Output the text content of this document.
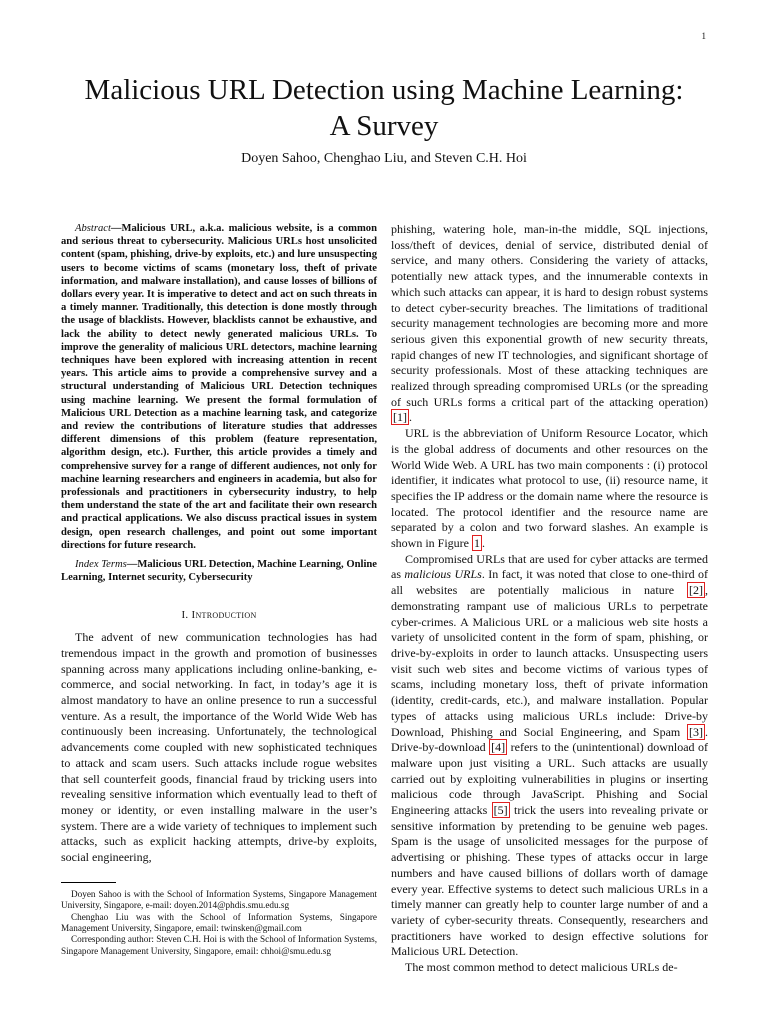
1
Malicious URL Detection using Machine Learning:
A Survey
Doyen Sahoo, Chenghao Liu, and Steven C.H. Hoi

Abstract—Malicious URL, a.k.a. malicious website, is a common and serious threat to cybersecurity. Malicious URLs host unsolicited content (spam, phishing, drive-by exploits, etc.) and lure unsuspecting users to become victims of scams (monetary loss, theft of private information, and malware installation), and cause losses of billions of dollars every year. It is imperative to detect and act on such threats in a timely manner. Traditionally, this detection is done mostly through the usage of blacklists. However, blacklists cannot be exhaustive, and lack the ability to detect newly generated malicious URLs. To improve the generality of malicious URL detectors, machine learning techniques have been explored with increasing attention in recent years. This article aims to provide a comprehensive survey and a structural understanding of Malicious URL Detection techniques using machine learning. We present the formal formulation of Malicious URL Detection as a machine learning task, and categorize and review the contributions of literature studies that addresses different dimensions of this problem (feature representation, algorithm design, etc.). Further, this article provides a timely and comprehensive survey for a range of different audiences, not only for machine learning researchers and engineers in academia, but also for professionals and practitioners in cybersecurity industry, to help them understand the state of the art and facilitate their own research and practical applications. We also discuss practical issues in system design, open research challenges, and point out some important directions for future research.

Index Terms—Malicious URL Detection, Machine Learning, Online Learning, Internet security, Cybersecurity

I. Introduction

The advent of new communication technologies has had tremendous impact in the growth and promotion of businesses spanning across many applications including online-banking, e-commerce, and social networking. In fact, in today’s age it is almost mandatory to have an online presence to run a successful venture. As a result, the importance of the World Wide Web has continuously been increasing. Unfortunately, the technological advancements come coupled with new sophisticated techniques to attack and scam users. Such attacks include rogue websites that sell counterfeit goods, financial fraud by tricking users into revealing sensitive information which eventually lead to theft of money or identity, or even installing malware in the user’s system. There are a wide variety of techniques to implement such attacks, such as explicit hacking attempts, drive-by exploits, social engineering,

Doyen Sahoo is with the School of Information Systems, Singapore Management University, Singapore, e-mail: doyen.2014@phdis.smu.edu.sg

Chenghao Liu was with the School of Information Systems, Singapore Management University, Singapore, email: twinsken@gmail.com

Corresponding author: Steven C.H. Hoi is with the School of Information Systems, Singapore Management University, Singapore, email: chhoi@smu.edu.sg

phishing, watering hole, man-in-the middle, SQL injections, loss/theft of devices, denial of service, distributed denial of service, and many others. Considering the variety of attacks, potentially new attack types, and the innumerable contexts in which such attacks can appear, it is hard to design robust systems to detect cyber-security breaches. The limitations of traditional security management technologies are becoming more and more serious given this exponential growth of new security threats, rapid changes of new IT technologies, and significant shortage of security professionals. Most of these attacking techniques are realized through spreading compromised URLs (or the spreading of such URLs forms a critical part of the attacking operation) [1] .

URL is the abbreviation of Uniform Resource Locator, which is the global address of documents and other resources on the World Wide Web. A URL has two main components : (i) protocol identifier, it indicates what protocol to use, (ii) resource name, it specifies the IP address or the domain name where the resource is located. The protocol identifier and the resource name are separated by a colon and two forward slashes. An example is shown in Figure 1 .

Compromised URLs that are used for cyber attacks are termed as malicious URLs. In fact, it was noted that close to one-third of all websites are potentially malicious in nature [2] , demonstrating rampant use of malicious URLs to perpetrate cyber-crimes. A Malicious URL or a malicious web site hosts a variety of unsolicited content in the form of spam, phishing, or drive-by-exploits in order to launch attacks. Unsuspecting users visit such web sites and become victims of various types of scams, including monetary loss, theft of private information (identity, credit-cards, etc.), and malware installation. Popular types of attacks using malicious URLs include: Drive-by Download, Phishing and Social Engineering, and Spam [3] . Drive-by-download [4] refers to the (unintentional) download of malware upon just visiting a URL. Such attacks are usually carried out by exploiting vulnerabilities in plugins or inserting malicious code through JavaScript. Phishing and Social Engineering attacks [5] trick the users into revealing private or sensitive information by pretending to be genuine web pages. Spam is the usage of unsolicited messages for the purpose of advertising or phishing. These types of attacks occur in large numbers and have caused billions of dollars worth of damage every year. Effective systems to detect such malicious URLs in a timely manner can greatly help to counter large number of and a variety of cyber-security threats. Consequently, researchers and practitioners have worked to design effective solutions for Malicious URL Detection.

The most common method to detect malicious URLs de-
